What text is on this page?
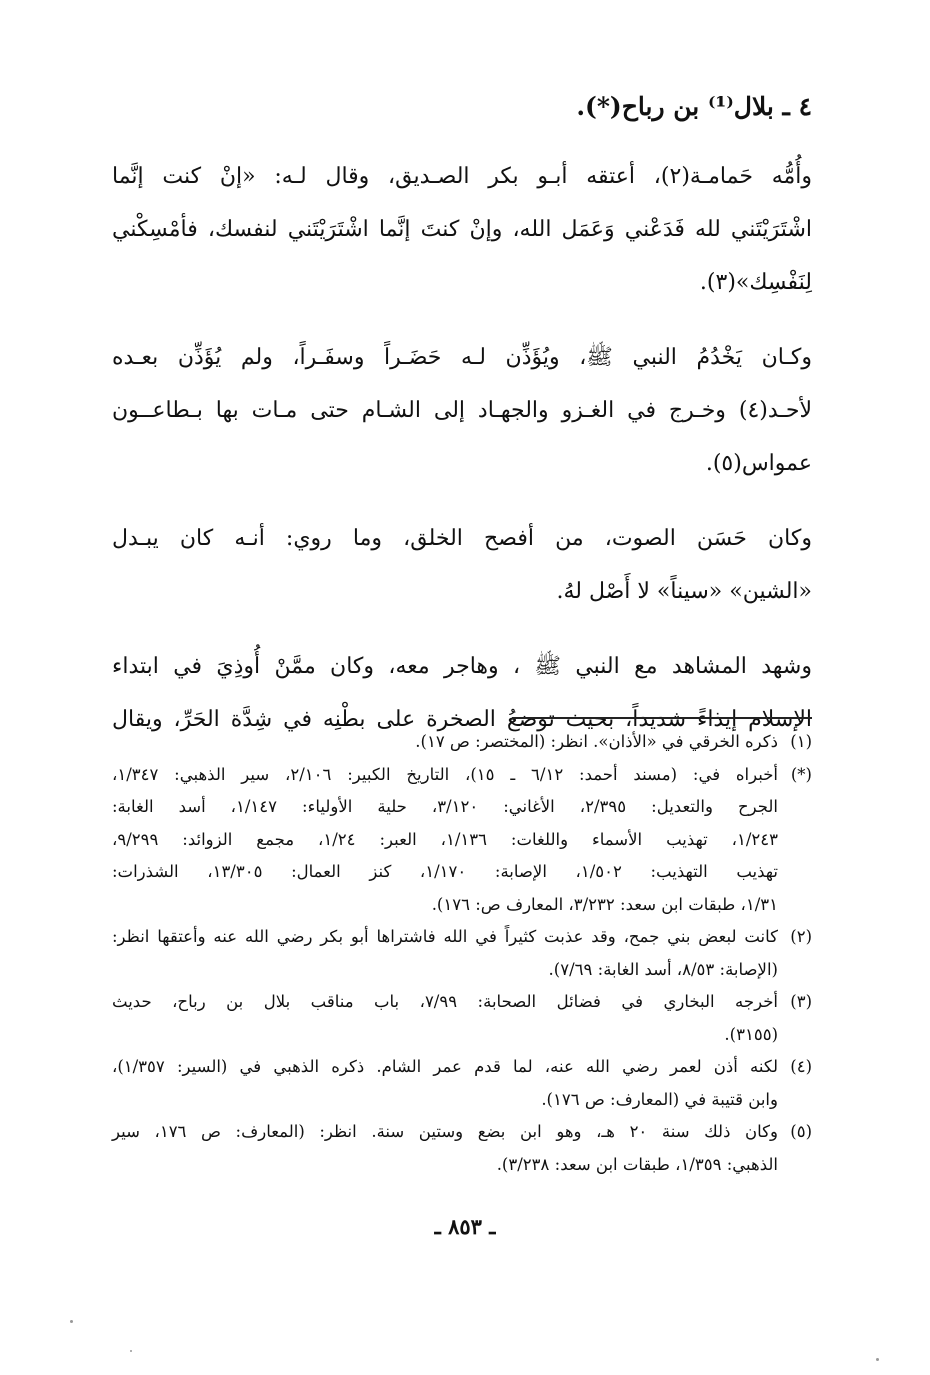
٤ ـ بلال⁽¹⁾ بن رباح(*).
وأُمُّه حَمامـة(٢)، أعتقه أبـو بكر الصـديق، وقال لـه: «إنْ كنت إنَّما
اشْتَرَيْتَني لله فَدَعْني وَعَمَل الله، وإنْ كنتَ إنَّما اشْتَرَيْتَني لنفسك، فأمْسِكْني
لِنَفْسِك»(٣).
وكـان يَخْدُمُ النبي ﷺ، ويُؤَذِّن لـه حَضَـراً وسفَـراً، ولم يُؤَذِّن بعـده
لأحـد(٤) وخـرج في الغـزو والجهـاد إلى الشـام حتى مـات بها بـطاعــون
عمواس(٥).
وكان حَسَن الصوت، من أفصح الخلق، وما روي: أنـه كان يبـدل
«الشين» «سيناً» لا أَصْل لهُ.
وشهد المشاهد مع النبي ﷺ ، وهاجر معه، وكان ممَّنْ أُوذِيَ في ابتداء
الإسلام إيذاءً شديداً، بحيث توضعُ الصخرة على بطْنِه في شِدَّة الحَرِّ، ويقال
(١)
ذكره الخرقي في «الأذان». انظر: (المختصر: ص ١٧).
(*)
أخبراه في: (مسند أحمد: ٦/١٢ ـ ١٥)، التاريخ الكبير: ٢/١٠٦، سير الذهبي: ١/٣٤٧،
الجرح والتعديل: ٢/٣٩٥، الأغاني: ٣/١٢٠، حلية الأولياء: ١/١٤٧، أسد الغابة:
١/٢٤٣، تهذيب الأسماء واللغات: ١/١٣٦، العبر: ١/٢٤، مجمع الزوائد: ٩/٢٩٩،
تهذيب التهذيب: ١/٥٠٢، الإصابة: ١/١٧٠، كنز العمال: ١٣/٣٠٥، الشذرات:
١/٣١، طبقات ابن سعد: ٣/٢٣٢، المعارف ص: ١٧٦).
(٢)
كانت لبعض بني جمح، وقد عذبت كثيراً في الله فاشتراها أبو بكر رضي الله عنه وأعتقها انظر:
(الإصابة: ٨/٥٣، أسد الغابة: ٧/٦٩).
(٣)
أخرجه البخاري في فضائل الصحابة: ٧/٩٩، باب مناقب بلال بن رباح، حديث
(٣١٥٥).
(٤)
لكنه أذن لعمر رضي الله عنه، لما قدم عمر الشام. ذكره الذهبي في (السير: ١/٣٥٧)،
وابن قتيبة في (المعارف: ص ١٧٦).
(٥)
وكان ذلك سنة ٢٠ هـ، وهو ابن بضع وستين سنة. انظر: (المعارف: ص ١٧٦، سير
الذهبي: ١/٣٥٩، طبقات ابن سعد: ٣/٢٣٨).
ـ ٨٥٣ ـ
